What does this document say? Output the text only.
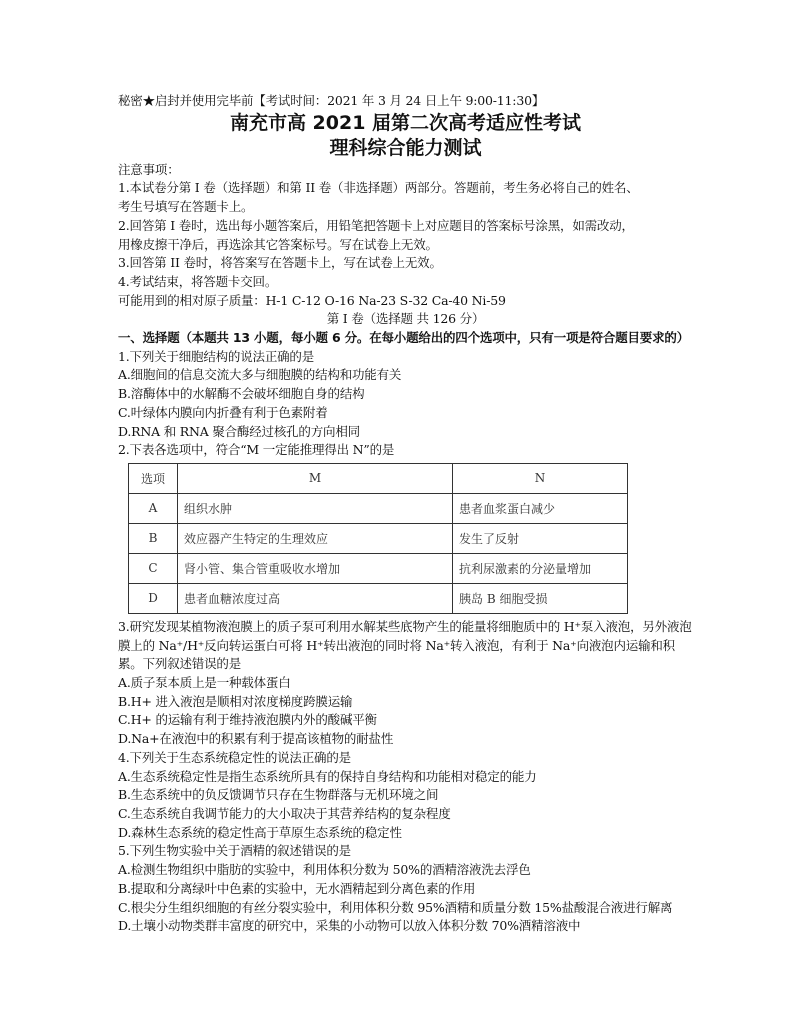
秘密★启封并使用完毕前【考试时间：2021 年 3 月 24 日上午 9:00-11:30】
南充市高 2021 届第二次高考适应性考试
理科综合能力测试
注意事项：
1.本试卷分第 I 卷（选择题）和第 II 卷（非选择题）两部分。答题前，考生务必将自己的姓名、
考生号填写在答题卡上。
2.回答第 I 卷时，选出每小题答案后，用铅笔把答题卡上对应题目的答案标号涂黑，如需改动，
用橡皮擦干净后，再选涂其它答案标号。写在试卷上无效。
3.回答第 II 卷时，将答案写在答题卡上，写在试卷上无效。
4.考试结束，将答题卡交回。
可能用到的相对原子质量：H-1 C-12 O-16 Na-23 S-32 Ca-40 Ni-59
第 I 卷（选择题 共 126 分）
一、选择题（本题共 13 小题，每小题 6 分。在每小题给出的四个选项中，只有一项是符合题目要求的）
1.下列关于细胞结构的说法正确的是
A.细胞间的信息交流大多与细胞膜的结构和功能有关
B.溶酶体中的水解酶不会破坏细胞自身的结构
C.叶绿体内膜向内折叠有利于色素附着
D.RNA 和 RNA 聚合酶经过核孔的方向相同
2.下表各选项中，符合“M 一定能推理得出 N”的是
选项	M	N
A	组织水肿	患者血浆蛋白减少
B	效应器产生特定的生理效应	发生了反射
C	肾小管、集合管重吸收水增加	抗利尿激素的分泌量增加
D	患者血糖浓度过高	胰岛 B 细胞受损
3.研究发现某植物液泡膜上的质子泵可利用水解某些底物产生的能量将细胞质中的 H⁺泵入液泡，另外液泡膜上的 Na⁺/H⁺反向转运蛋白可将 H⁺转出液泡的同时将 Na⁺转入液泡，有利于 Na⁺向液泡内运输和积累。下列叙述错误的是
A.质子泵本质上是一种载体蛋白
B.H+ 进入液泡是顺相对浓度梯度跨膜运输
C.H+ 的运输有利于维持液泡膜内外的酸碱平衡
D.Na+在液泡中的积累有利于提高该植物的耐盐性
4.下列关于生态系统稳定性的说法正确的是
A.生态系统稳定性是指生态系统所具有的保持自身结构和功能相对稳定的能力
B.生态系统中的负反馈调节只存在生物群落与无机环境之间
C.生态系统自我调节能力的大小取决于其营养结构的复杂程度
D.森林生态系统的稳定性高于草原生态系统的稳定性
5.下列生物实验中关于酒精的叙述错误的是
A.检测生物组织中脂肪的实验中，利用体积分数为 50%的酒精溶液洗去浮色
B.提取和分离绿叶中色素的实验中，无水酒精起到分离色素的作用
C.根尖分生组织细胞的有丝分裂实验中，利用体积分数 95%酒精和质量分数 15%盐酸混合液进行解离
D.土壤小动物类群丰富度的研究中，采集的小动物可以放入体积分数 70%酒精溶液中
